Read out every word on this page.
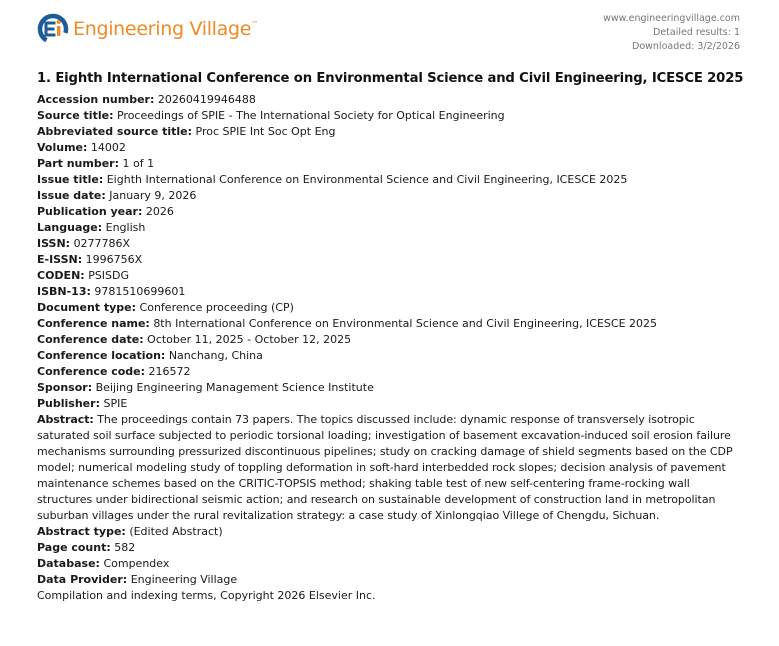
Engineering Village™	www.engineeringvillage.com
Detailed results: 1
Downloaded: 3/2/2026
1. Eighth International Conference on Environmental Science and Civil Engineering, ICESCE 2025
Accession number: 20260419946488
Source title: Proceedings of SPIE - The International Society for Optical Engineering
Abbreviated source title: Proc SPIE Int Soc Opt Eng
Volume: 14002
Part number: 1 of 1
Issue title: Eighth International Conference on Environmental Science and Civil Engineering, ICESCE 2025
Issue date: January 9, 2026
Publication year: 2026
Language: English
ISSN: 0277786X
E-ISSN: 1996756X
CODEN: PSISDG
ISBN-13: 9781510699601
Document type: Conference proceeding (CP)
Conference name: 8th International Conference on Environmental Science and Civil Engineering, ICESCE 2025
Conference date: October 11, 2025 - October 12, 2025
Conference location: Nanchang, China
Conference code: 216572
Sponsor: Beijing Engineering Management Science Institute
Publisher: SPIE
Abstract: The proceedings contain 73 papers. The topics discussed include: dynamic response of transversely isotropic saturated soil surface subjected to periodic torsional loading; investigation of basement excavation-induced soil erosion failure mechanisms surrounding pressurized discontinuous pipelines; study on cracking damage of shield segments based on the CDP model; numerical modeling study of toppling deformation in soft-hard interbedded rock slopes; decision analysis of pavement maintenance schemes based on the CRITIC-TOPSIS method; shaking table test of new self-centering frame-rocking wall structures under bidirectional seismic action; and research on sustainable development of construction land in metropolitan suburban villages under the rural revitalization strategy: a case study of Xinlongqiao Villege of Chengdu, Sichuan.
Abstract type: (Edited Abstract)
Page count: 582
Database: Compendex
Data Provider: Engineering Village
Compilation and indexing terms, Copyright 2026 Elsevier Inc.
